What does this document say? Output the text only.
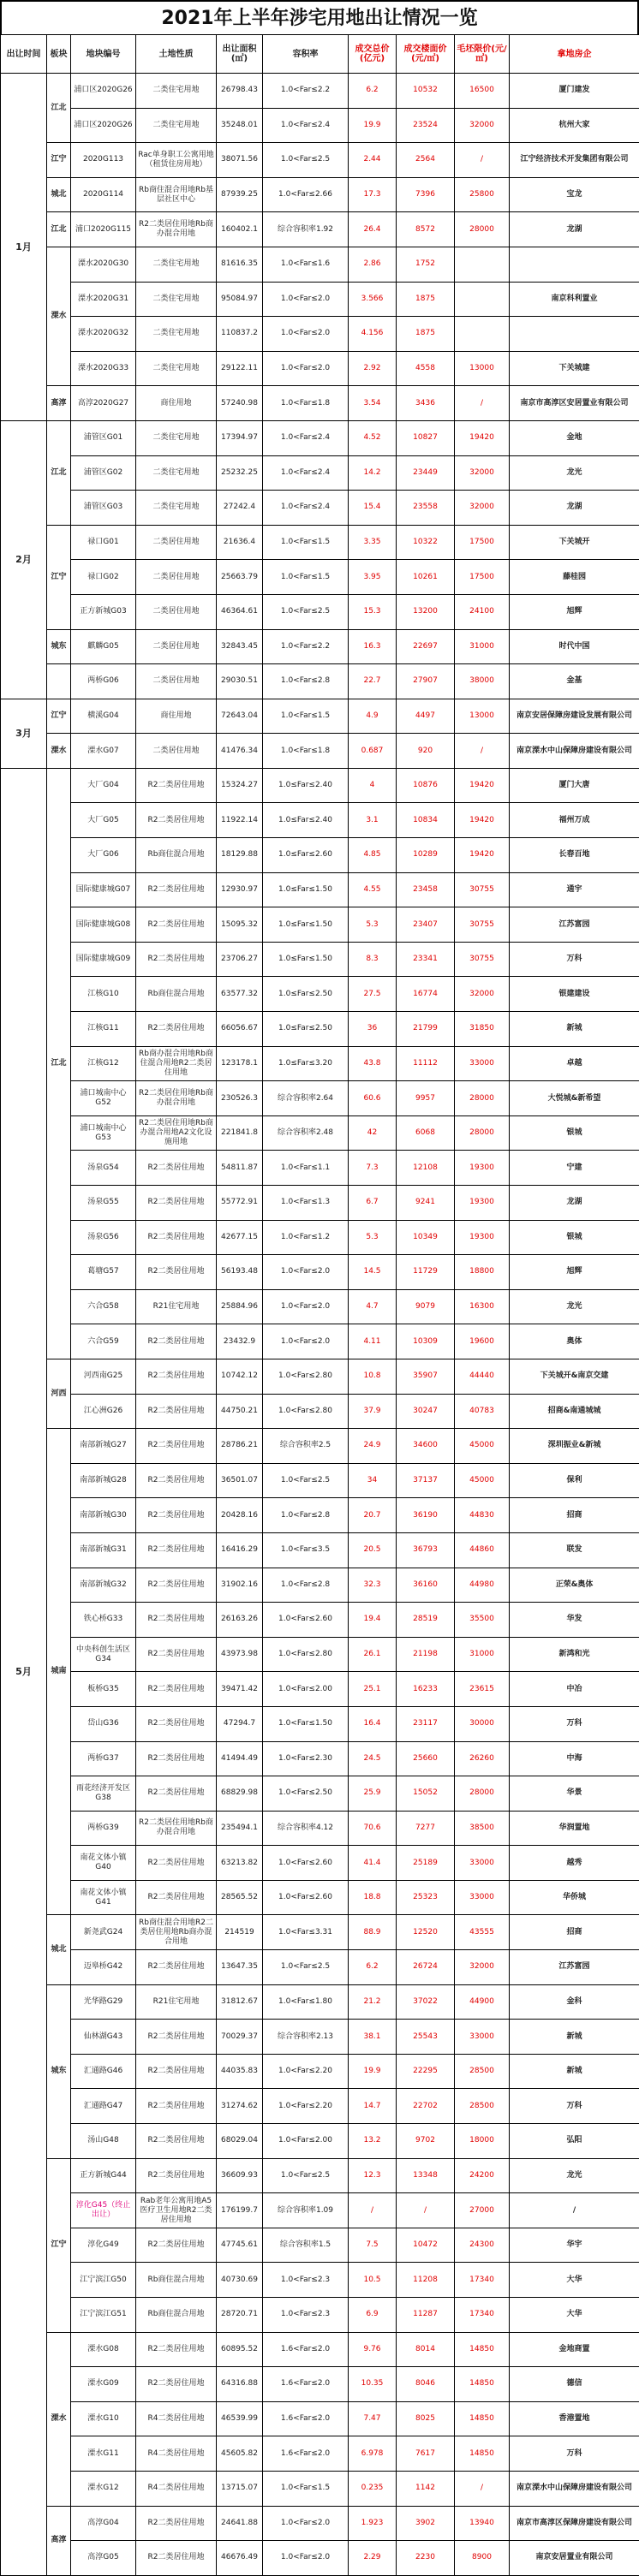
2021年上半年涉宅用地出让情况一览
出让时间	板块	地块编号	土地性质	出让面积(㎡)	容积率	成交总价(亿元)	成交楼面价(元/㎡)	毛坯限价(元/㎡)	拿地房企
1月	江北	浦口区2020G26	二类住宅用地	26798.43	1.0<Far≤2.2	6.2	10532	16500	厦门建发
		浦口区2020G26	二类住宅用地	35248.01	1.0<Far≤2.4	19.9	23524	32000	杭州大家
	江宁	2020G113	Rac单身职工公寓用地（租赁住房用地）	38071.56	1.0<Far≤2.5	2.44	2564	/	江宁经济技术开发集团有限公司
	城北	2020G114	Rb商住混合用地Rb基层社区中心	87939.25	1.0<Far≤2.66	17.3	7396	25800	宝龙
	江北	浦口2020G115	R2二类居住用地Rb商办混合用地	160402.1	综合容积率1.92	26.4	8572	28000	龙湖
	溧水	溧水2020G30	二类住宅用地	81616.35	1.0<Far≤1.6	2.86	1752		
		溧水2020G31	二类住宅用地	95084.97	1.0<Far≤2.0	3.566	1875		南京科利置业
		溧水2020G32	二类住宅用地	110837.2	1.0<Far≤2.0	4.156	1875		
		溧水2020G33	二类住宅用地	29122.11	1.0<Far≤2.0	2.92	4558	13000	下关城建
	高淳	高淳2020G27	商住用地	57240.98	1.0<Far≤1.8	3.54	3436	/	南京市高淳区安居置业有限公司
2月	江北	浦管区G01	二类住宅用地	17394.97	1.0<Far≤2.4	4.52	10827	19420	金地
		浦管区G02	二类住宅用地	25232.25	1.0<Far≤2.4	14.2	23449	32000	龙光
		浦管区G03	二类住宅用地	27242.4	1.0<Far≤2.4	15.4	23558	32000	龙湖
	江宁	禄口G01	二类居住用地	21636.4	1.0<Far≤1.5	3.35	10322	17500	下关城开
		禄口G02	二类居住用地	25663.79	1.0<Far≤1.5	3.95	10261	17500	藤桂园
		正方新城G03	二类居住用地	46364.61	1.0<Far≤2.5	15.3	13200	24100	旭辉
	城东	麒麟G05	二类居住用地	32843.45	1.0<Far≤2.2	16.3	22697	31000	时代中国
		两桥G06	二类居住用地	29030.51	1.0<Far≤2.8	22.7	27907	38000	金基
3月	江宁	横溪G04	商住用地	72643.04	1.0<Far≤1.5	4.9	4497	13000	南京安居保障房建设发展有限公司
	溧水	溧水G07	二类居住用地	41476.34	1.0<Far≤1.8	0.687	920	/	南京溧水中山保障房建设有限公司
5月	江北	大厂G04	R2二类居住用地	15324.27	1.0≤Far≤2.40	4	10876	19420	厦门大唐
		大厂G05	R2二类居住用地	11922.14	1.0≤Far≤2.40	3.1	10834	19420	福州万成
		大厂G06	Rb商住混合用地	18129.88	1.0≤Far≤2.60	4.85	10289	19420	长春百地
		国际健康城G07	R2二类居住用地	12930.97	1.0≤Far≤1.50	4.55	23458	30755	通宇
		国际健康城G08	R2二类居住用地	15095.32	1.0≤Far≤1.50	5.3	23407	30755	江苏富园
		国际健康城G09	R2二类居住用地	23706.27	1.0≤Far≤1.50	8.3	23341	30755	万科
		江核G10	Rb商住混合用地	63577.32	1.0≤Far≤2.50	27.5	16774	32000	银建建设
		江核G11	R2二类居住用地	66056.67	1.0≤Far≤2.50	36	21799	31850	新城
		江核G12	Rb商办混合用地Rb商住混合用地R2二类居住用地	123178.1	1.0≤Far≤3.20	43.8	11112	33000	卓越
		浦口城南中心G52	R2二类居住用地Rb商办混合用地	230526.3	综合容积率2.64	60.6	9957	28000	大悦城&新希望
		浦口城南中心G53	R2二类居住用地Rb商办混合用地A2文化设施用地	221841.8	综合容积率2.48	42	6068	28000	银城
		汤泉G54	R2二类居住用地	54811.87	1.0<Far≤1.1	7.3	12108	19300	宁建
		汤泉G55	R2二类居住用地	55772.91	1.0<Far≤1.3	6.7	9241	19300	龙湖
		汤泉G56	R2二类居住用地	42677.15	1.0<Far≤1.2	5.3	10349	19300	银城
		葛塘G57	R2二类居住用地	56193.48	1.0<Far≤2.0	14.5	11729	18800	旭辉
		六合G58	R21住宅用地	25884.96	1.0<Far≤2.0	4.7	9079	16300	龙光
		六合G59	R2二类居住用地	23432.9	1.0<Far≤2.0	4.11	10309	19600	奥体
	河西	河西南G25	R2二类居住用地	10742.12	1.0<Far≤2.80	10.8	35907	44440	下关城开&南京交建
		江心洲G26	R2二类居住用地	44750.21	1.0<Far≤2.80	37.9	30247	40783	招商&南通城城
	城南	南部新城G27	R2二类居住用地	28786.21	综合容积率2.5	24.9	34600	45000	深圳振业&新城
		南部新城G28	R2二类居住用地	36501.07	1.0<Far≤2.5	34	37137	45000	保利
		南部新城G30	R2二类居住用地	20428.16	1.0<Far≤2.8	20.7	36190	44830	招商
		南部新城G31	R2二类居住用地	16416.29	1.0<Far≤3.5	20.5	36793	44860	联发
		南部新城G32	R2二类居住用地	31902.16	1.0<Far≤2.8	32.3	36160	44980	正荣&奥体
		铁心桥G33	R2二类居住用地	26163.26	1.0<Far≤2.60	19.4	28519	35500	华发
		中央科创生活区G34	R2二类居住用地	43973.98	1.0<Far≤2.80	26.1	21198	31000	新鸿和光
		板桥G35	R2二类居住用地	39471.42	1.0<Far≤2.00	25.1	16233	23615	中冶
		岱山G36	R2二类居住用地	47294.7	1.0<Far≤1.50	16.4	23117	30000	万科
		两桥G37	R2二类居住用地	41494.49	1.0<Far≤2.30	24.5	25660	26260	中海
		雨花经济开发区G38	R2二类居住用地	68829.98	1.0<Far≤2.50	25.9	15052	28000	华景
		两桥G39	R2二类居住用地Rb商办混合用地	235494.1	综合容积率4.12	70.6	7277	38500	华润置地
		南花文体小镇G40	R2二类居住用地	63213.82	1.0<Far≤2.60	41.4	25189	33000	越秀
		南花文体小镇G41	R2二类居住用地	28565.52	1.0<Far≤2.60	18.8	25323	33000	华侨城
	城北	新尧武G24	Rb商住混合用地R2二类居住用地Rb商办混合用地	214519	1.0<Far≤3.31	88.9	12520	43555	招商
		迈皋桥G42	R2二类居住用地	13647.35	1.0<Far≤2.5	6.2	26724	32000	江苏富园
	城东	光华路G29	R21住宅用地	31812.67	1.0<Far≤1.80	21.2	37022	44900	金科
		仙林湖G43	R2二类居住用地	70029.37	综合容积率2.13	38.1	25543	33000	新城
		汇通路G46	R2二类居住用地	44035.83	1.0<Far≤2.20	19.9	22295	28500	新城
		汇通路G47	R2二类居住用地	31274.62	1.0<Far≤2.20	14.7	22702	28500	万科
		汤山G48	R2二类居住用地	68029.04	1.0<Far≤2.00	13.2	9702	18000	弘阳
	江宁	正方新城G44	R2二类居住用地	36609.93	1.0<Far≤2.5	12.3	13348	24200	龙光
		淳化G45（终止出让）	Rab老年公寓用地A5医疗卫生用地R2二类居住用地	176199.7	综合容积率1.09	/	/	27000	/
		淳化G49	R2二类居住用地	47745.61	综合容积率1.5	7.5	10472	24300	华宇
		江宁滨江G50	Rb商住混合用地	40730.69	1.0<Far≤2.3	10.5	11208	17340	大华
		江宁滨江G51	Rb商住混合用地	28720.71	1.0<Far≤2.3	6.9	11287	17340	大华
	溧水	溧水G08	R2二类居住用地	60895.52	1.6<Far≤2.0	9.76	8014	14850	金地商置
		溧水G09	R2二类居住用地	64316.88	1.6<Far≤2.0	10.35	8046	14850	德信
		溧水G10	R4二类居住用地	46539.99	1.6<Far≤2.0	7.47	8025	14850	香港置地
		溧水G11	R4二类居住用地	45605.82	1.6<Far≤2.0	6.978	7617	14850	万科
		溧水G12	R4二类居住用地	13715.07	1.0<Far≤1.5	0.235	1142	/	南京溧水中山保障房建设有限公司
	高淳	高淳G04	R2二类居住用地	24641.88	1.0<Far≤2.0	1.923	3902	13940	南京市高淳区保障房建设有限公司
		高淳G05	R2二类居住用地	46676.49	1.0<Far≤2.0	2.29	2230	8900	南京安居置业有限公司
